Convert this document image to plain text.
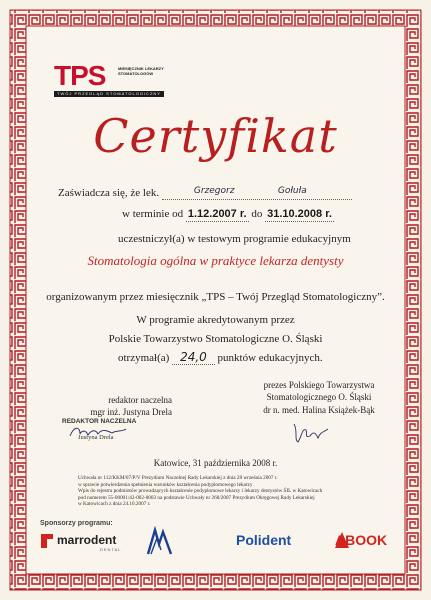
TPS	MIESIĘCZNIK LEKARZY STOMATOLOGÓW
TWÓJ PRZEGLĄD STOMATOLOGICZNY
Certyfikat
Zaświadcza się, że lek.	Grzegorz	Gołuła
w terminie od 1.12.2007 r. do 31.10.2008 r.
uczestniczył(a) w testowym programie edukacyjnym
Stomatologia ogólna w praktyce lekarza dentysty
organizowanym przez miesięcznik „TPS – Twój Przegląd Stomatologiczny”.
W programie akredytowanym przez
Polskie Towarzystwo Stomatologiczne O. Śląski
otrzymał(a) 24,0 punktów edukacyjnych.
redaktor naczelna
mgr inż. Justyna Drela
REDAKTOR NACZELNA
Justyna Drela
prezes Polskiego Towarzystwa
Stomatologicznego O. Śląski
dr n. med. Halina Książek-Bąk
Katowice, 31 października 2008 r.
Uchwała nr 112/KKM/07/P/V Prezydium Naczelnej Rady Lekarskiej z dnia 28 września 2007 r.
w sprawie potwierdzenia spełnienia warunków kształcenia podyplomowego lekarzy
Wpis do rejestru podmiotów prowadzących kształcenie podyplomowe lekarzy i lekarzy dentystów ŚIL w Katowicach
pod numerem 55-00001/42-002-0003 na podstawie Uchwały nr 268/2007 Prezydium Okręgowej Rady Lekarskiej
w Katowicach z dnia 24.10.2007 r.
Sponsorzy programu:
marrodent
DENTAL
Polident	ABOOK
